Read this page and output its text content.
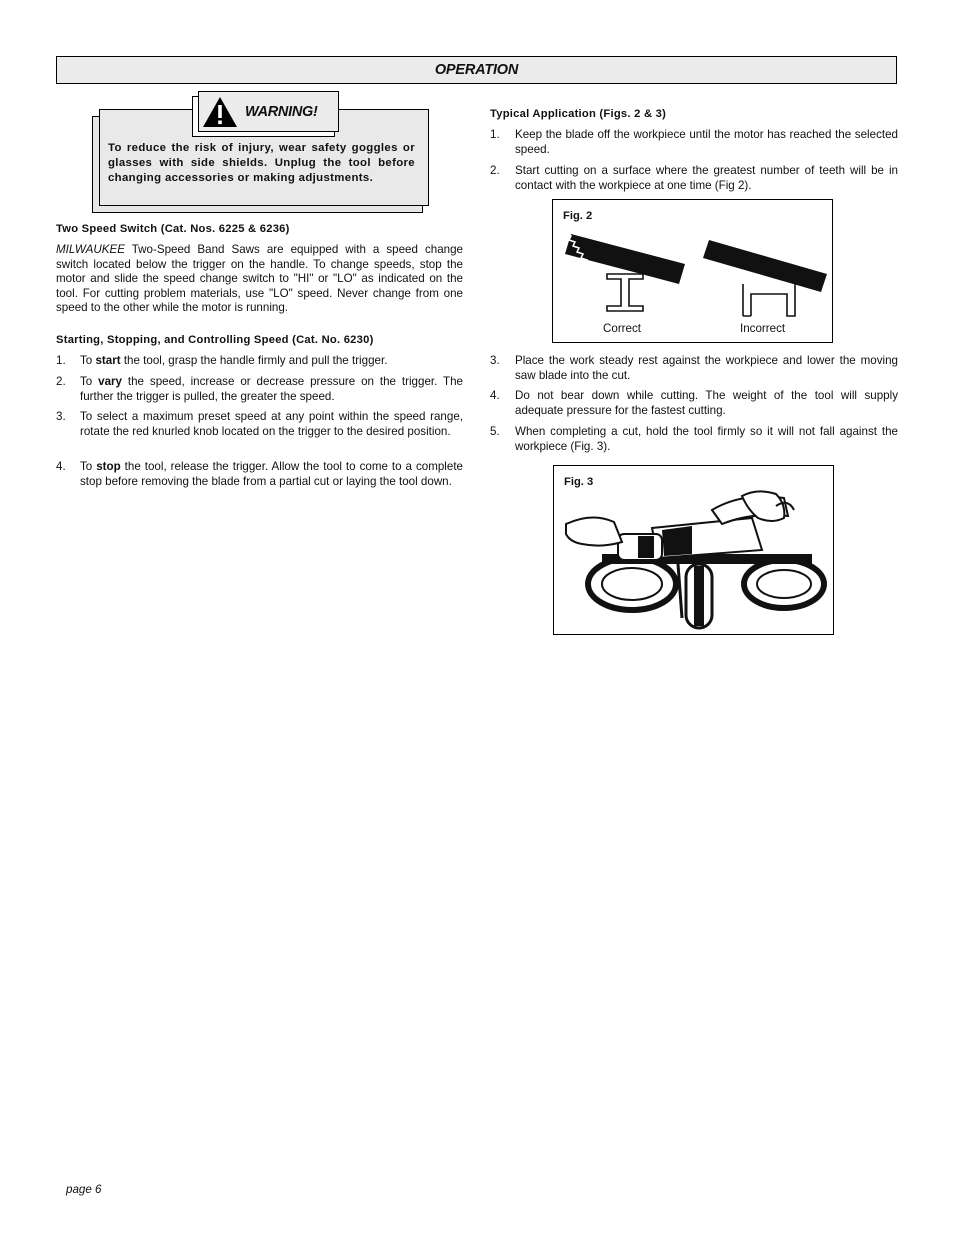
OPERATION
WARNING!
To reduce the risk of injury, wear safety goggles or glasses with side shields. Unplug the tool before changing accessories or making adjustments.
Two Speed Switch (Cat. Nos. 6225 & 6236)
MILWAUKEE Two-Speed Band Saws are equipped with a speed change switch located below the trigger on the handle. To change speeds, stop the motor and slide the speed change switch to "HI" or "LO" as indicated on the tool. For cutting problem materials, use "LO" speed. Never change from one speed to the other while the motor is running.
Starting, Stopping, and Controlling Speed (Cat. No. 6230)
1. To start the tool, grasp the handle firmly and pull the trigger.
2. To vary the speed, increase or decrease pressure on the trigger. The further the trigger is pulled, the greater the speed.
3. To select a maximum preset speed at any point within the speed range, rotate the red knurled knob located on the trigger to the desired position.
4. To stop the tool, release the trigger. Allow the tool to come to a complete stop before removing the blade from a partial cut or laying the tool down.
Typical Application (Figs. 2 & 3)
1. Keep the blade off the workpiece until the motor has reached the selected speed.
2. Start cutting on a surface where the greatest number of teeth will be in contact with the workpiece at one time (Fig 2).
Fig. 2
Correct	Incorrect
3. Place the work steady rest against the workpiece and lower the moving saw blade into the cut.
4. Do not bear down while cutting. The weight of the tool will supply adequate pressure for the fastest cutting.
5. When completing a cut, hold the tool firmly so it will not fall against the workpiece (Fig. 3).
Fig. 3
page 6
